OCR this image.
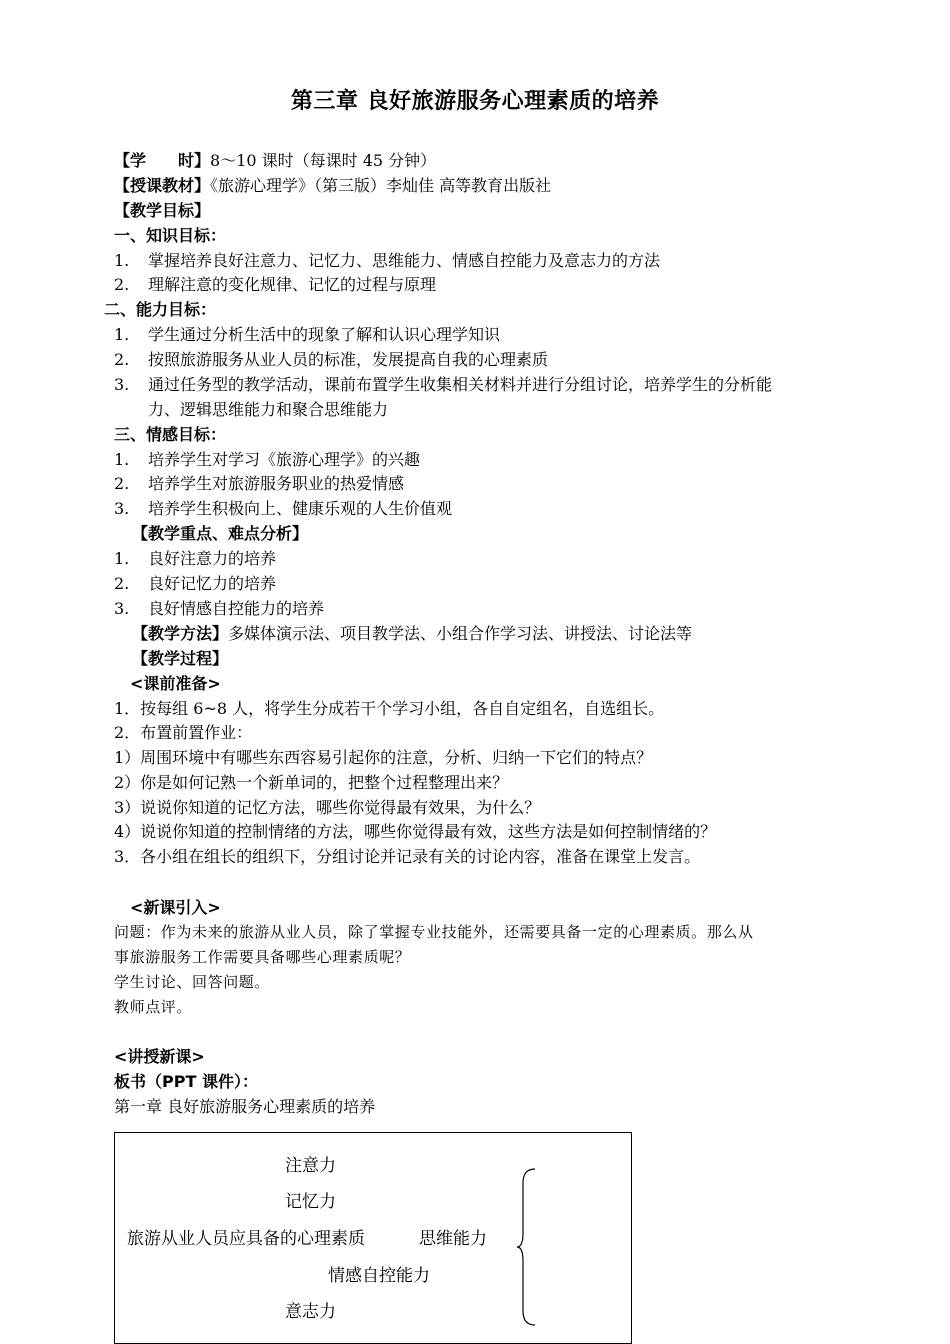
第三章 良好旅游服务心理素质的培养
【学　　时】8～10 课时（每课时 45 分钟）
【授课教材】《旅游心理学》（第三版）李灿佳 高等教育出版社
【教学目标】
一、知识目标：
1. 掌握培养良好注意力、记忆力、思维能力、情感自控能力及意志力的方法
2. 理解注意的变化规律、记忆的过程与原理
二、能力目标：
1. 学生通过分析生活中的现象了解和认识心理学知识
2. 按照旅游服务从业人员的标准，发展提高自我的心理素质
3. 通过任务型的教学活动，课前布置学生收集相关材料并进行分组讨论，培养学生的分析能
力、逻辑思维能力和聚合思维能力
三、情感目标：
1. 培养学生对学习《旅游心理学》的兴趣
2. 培养学生对旅游服务职业的热爱情感
3. 培养学生积极向上、健康乐观的人生价值观
【教学重点、难点分析】
1. 良好注意力的培养
2. 良好记忆力的培养
3. 良好情感自控能力的培养
【教学方法】多媒体演示法、项目教学法、小组合作学习法、讲授法、讨论法等
【教学过程】
<课前准备>
1．按每组 6~8 人，将学生分成若干个学习小组，各自自定组名，自选组长。
2．布置前置作业：
1）周围环境中有哪些东西容易引起你的注意，分析、归纳一下它们的特点？
2）你是如何记熟一个新单词的，把整个过程整理出来？
3）说说你知道的记忆方法，哪些你觉得最有效果，为什么？
4）说说你知道的控制情绪的方法，哪些你觉得最有效，这些方法是如何控制情绪的？
3．各小组在组长的组织下，分组讨论并记录有关的讨论内容，准备在课堂上发言。
<新课引入>
问题：作为未来的旅游从业人员，除了掌握专业技能外，还需要具备一定的心理素质。那么从
事旅游服务工作需要具备哪些心理素质呢？
学生讨论、回答问题。
教师点评。
<讲授新课>
板书（PPT 课件）：
第一章 良好旅游服务心理素质的培养
注意力
记忆力
旅游从业人员应具备的心理素质	思维能力
情感自控能力
意志力
